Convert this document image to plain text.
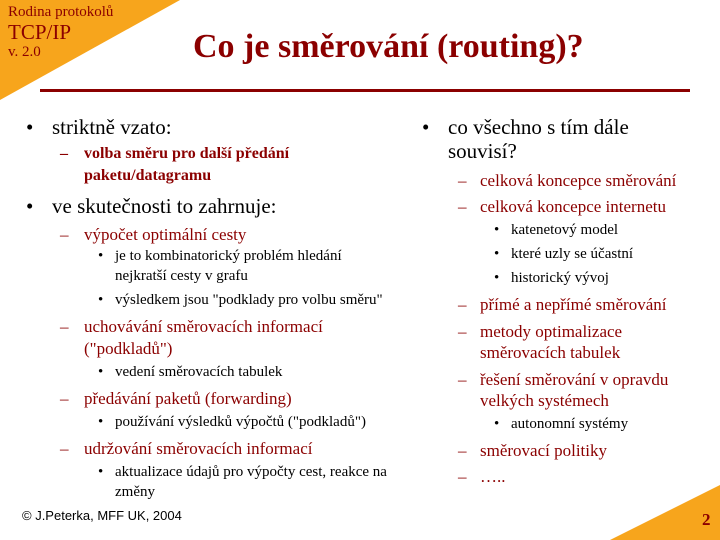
Rodina protokolů
TCP/IP
v. 2.0	Co je směrování (routing)?
• striktně vzato:
– volba směru pro další předání
paketu/datagramu
• ve skutečnosti to zahrnuje:
– výpočet optimální cesty
• je to kombinatorický problém hledání
nejkratší cesty v grafu
• výsledkem jsou "podklady pro volbu směru"
– uchovávání směrovacích informací
("podkladů")
• vedení směrovacích tabulek
– předávání paketů (forwarding)
• používání výsledků výpočtů ("podkladů")
– udržování směrovacích informací
• aktualizace údajů pro výpočty cest, reakce na
změny
• co všechno s tím dále
souvisí?
– celková koncepce směrování
– celková koncepce internetu
• katenetový model
• které uzly se účastní
• historický vývoj
– přímé a nepřímé směrování
– metody optimalizace
směrovacích tabulek
– řešení směrování v opravdu
velkých systémech
• autonomní systémy
– směrovací politiky
– …..
© J.Peterka, MFF UK, 2004	2
